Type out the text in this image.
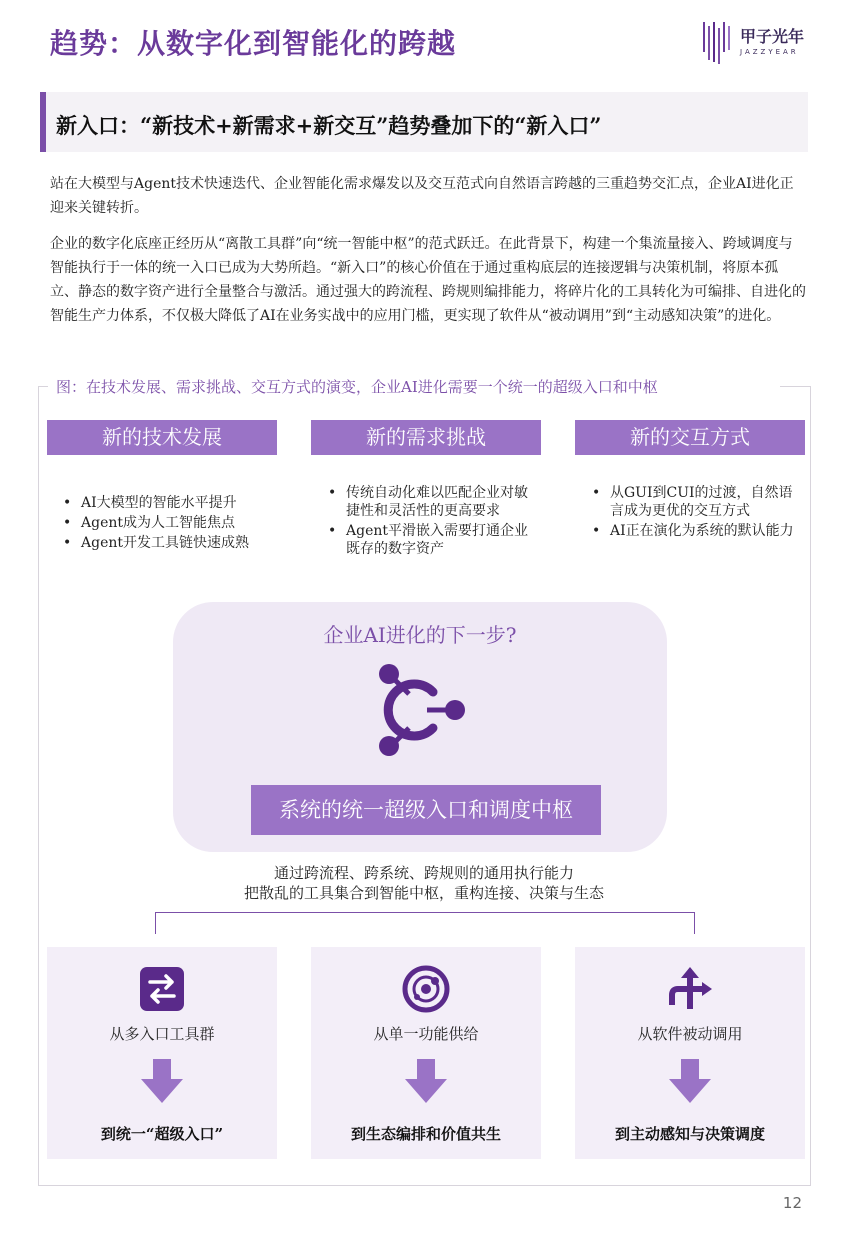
趋势：从数字化到智能化的跨越	甲子光年
JAZZYEAR
新入口：“新技术+新需求+新交互”趋势叠加下的“新入口”

站在大模型与Agent技术快速迭代、企业智能化需求爆发以及交互范式向自然语言跨越的三重趋势交汇点，企业AI进化正迎来关键转折。

企业的数字化底座正经历从“离散工具群”向“统一智能中枢”的范式跃迁。在此背景下，构建一个集流量接入、跨域调度与智能执行于一体的统一入口已成为大势所趋。“新入口”的核心价值在于通过重构底层的连接逻辑与决策机制，将原本孤立、静态的数字资产进行全量整合与激活。通过强大的跨流程、跨规则编排能力，将碎片化的工具转化为可编排、自进化的智能生产力体系，不仅极大降低了AI在业务实战中的应用门槛，更实现了软件从“被动调用”到“主动感知决策”的进化。

图：在技术发展、需求挑战、交互方式的演变，企业AI进化需要一个统一的超级入口和中枢
新的技术发展	新的需求挑战	新的交互方式
• AI大模型的智能水平提升
• Agent成为人工智能焦点
• Agent开发工具链快速成熟
• 传统自动化难以匹配企业对敏捷性和灵活性的更高要求
• Agent平滑嵌入需要打通企业既存的数字资产
• 从GUI到CUI的过渡，自然语言成为更优的交互方式
• AI正在演化为系统的默认能力
企业AI进化的下一步?
系统的统一超级入口和调度中枢
通过跨流程、跨系统、跨规则的通用执行能力
把散乱的工具集合到智能中枢，重构连接、决策与生态
从多入口工具群
到统一“超级入口”
从单一功能供给
到生态编排和价值共生
从软件被动调用
到主动感知与决策调度
12
